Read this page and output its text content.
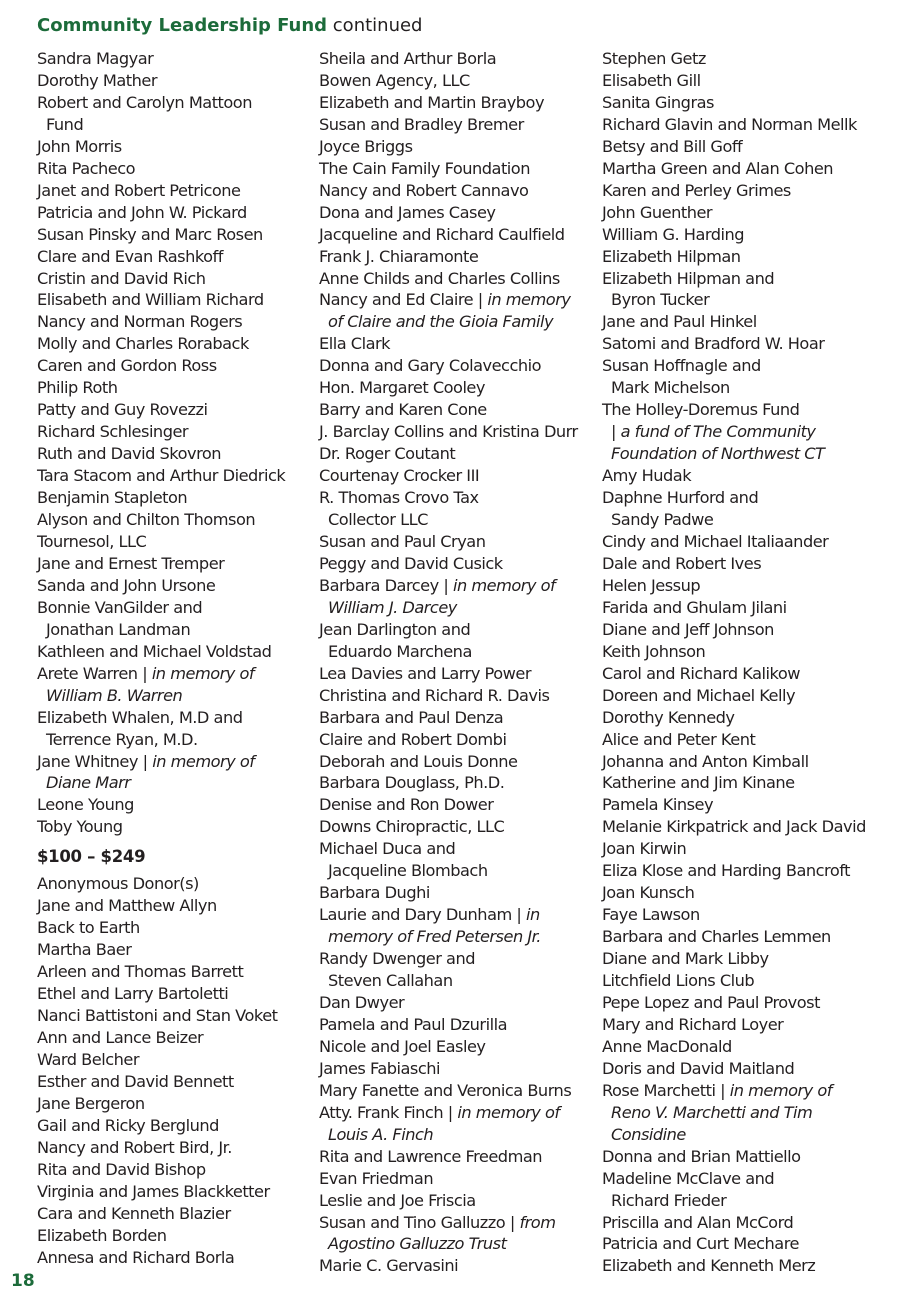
Community Leadership Fund continued
Sandra Magyar
Dorothy Mather
Robert and Carolyn Mattoon
Fund
John Morris
Rita Pacheco
Janet and Robert Petricone
Patricia and John W. Pickard
Susan Pinsky and Marc Rosen
Clare and Evan Rashkoff
Cristin and David Rich
Elisabeth and William Richard
Nancy and Norman Rogers
Molly and Charles Roraback
Caren and Gordon Ross
Philip Roth
Patty and Guy Rovezzi
Richard Schlesinger
Ruth and David Skovron
Tara Stacom and Arthur Diedrick
Benjamin Stapleton
Alyson and Chilton Thomson
Tournesol, LLC
Jane and Ernest Tremper
Sanda and John Ursone
Bonnie VanGilder and
Jonathan Landman
Kathleen and Michael Voldstad
Arete Warren | in memory of
William B. Warren
Elizabeth Whalen, M.D and
Terrence Ryan, M.D.
Jane Whitney | in memory of
Diane Marr
Leone Young
Toby Young
$100 – $249
Anonymous Donor(s)
Jane and Matthew Allyn
Back to Earth
Martha Baer
Arleen and Thomas Barrett
Ethel and Larry Bartoletti
Nanci Battistoni and Stan Voket
Ann and Lance Beizer
Ward Belcher
Esther and David Bennett
Jane Bergeron
Gail and Ricky Berglund
Nancy and Robert Bird, Jr.
Rita and David Bishop
Virginia and James Blackketter
Cara and Kenneth Blazier
Elizabeth Borden
Annesa and Richard Borla
Sheila and Arthur Borla
Bowen Agency, LLC
Elizabeth and Martin Brayboy
Susan and Bradley Bremer
Joyce Briggs
The Cain Family Foundation
Nancy and Robert Cannavo
Dona and James Casey
Jacqueline and Richard Caulfield
Frank J. Chiaramonte
Anne Childs and Charles Collins
Nancy and Ed Claire | in memory
of Claire and the Gioia Family
Ella Clark
Donna and Gary Colavecchio
Hon. Margaret Cooley
Barry and Karen Cone
J. Barclay Collins and Kristina Durr
Dr. Roger Coutant
Courtenay Crocker III
R. Thomas Crovo Tax
Collector LLC
Susan and Paul Cryan
Peggy and David Cusick
Barbara Darcey | in memory of
William J. Darcey
Jean Darlington and
Eduardo Marchena
Lea Davies and Larry Power
Christina and Richard R. Davis
Barbara and Paul Denza
Claire and Robert Dombi
Deborah and Louis Donne
Barbara Douglass, Ph.D.
Denise and Ron Dower
Downs Chiropractic, LLC
Michael Duca and
Jacqueline Blombach
Barbara Dughi
Laurie and Dary Dunham | in
memory of Fred Petersen Jr.
Randy Dwenger and
Steven Callahan
Dan Dwyer
Pamela and Paul Dzurilla
Nicole and Joel Easley
James Fabiaschi
Mary Fanette and Veronica Burns
Atty. Frank Finch | in memory of
Louis A. Finch
Rita and Lawrence Freedman
Evan Friedman
Leslie and Joe Friscia
Susan and Tino Galluzzo | from
Agostino Galluzzo Trust
Marie C. Gervasini
Stephen Getz
Elisabeth Gill
Sanita Gingras
Richard Glavin and Norman Mellk
Betsy and Bill Goff
Martha Green and Alan Cohen
Karen and Perley Grimes
John Guenther
William G. Harding
Elizabeth Hilpman
Elizabeth Hilpman and
Byron Tucker
Jane and Paul Hinkel
Satomi and Bradford W. Hoar
Susan Hoffnagle and
Mark Michelson
The Holley-Doremus Fund
| a fund of The Community
Foundation of Northwest CT
Amy Hudak
Daphne Hurford and
Sandy Padwe
Cindy and Michael Italiaander
Dale and Robert Ives
Helen Jessup
Farida and Ghulam Jilani
Diane and Jeff Johnson
Keith Johnson
Carol and Richard Kalikow
Doreen and Michael Kelly
Dorothy Kennedy
Alice and Peter Kent
Johanna and Anton Kimball
Katherine and Jim Kinane
Pamela Kinsey
Melanie Kirkpatrick and Jack David
Joan Kirwin
Eliza Klose and Harding Bancroft
Joan Kunsch
Faye Lawson
Barbara and Charles Lemmen
Diane and Mark Libby
Litchfield Lions Club
Pepe Lopez and Paul Provost
Mary and Richard Loyer
Anne MacDonald
Doris and David Maitland
Rose Marchetti | in memory of
Reno V. Marchetti and Tim
Considine
Donna and Brian Mattiello
Madeline McClave and
Richard Frieder
Priscilla and Alan McCord
Patricia and Curt Mechare
Elizabeth and Kenneth Merz
18
